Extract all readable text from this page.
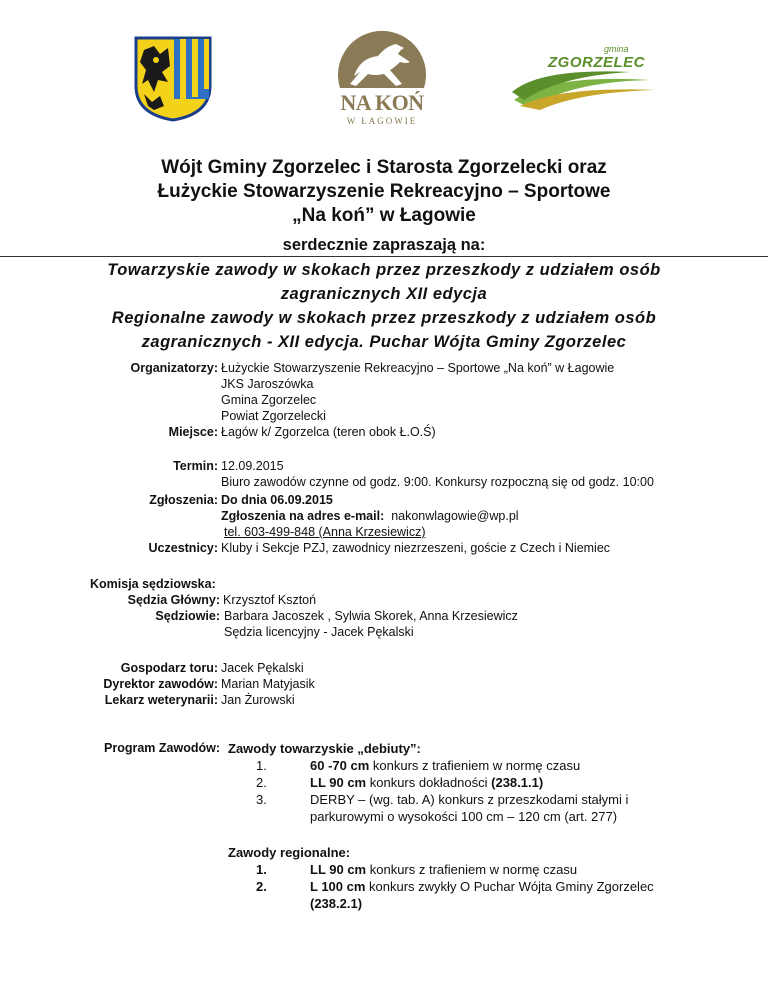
NA KOŃ
W ŁAGOWIE
gmina
ZGORZELEC
Wójt Gminy Zgorzelec i Starosta Zgorzelecki oraz
Łużyckie Stowarzyszenie Rekreacyjno – Sportowe
„Na koń” w Łagowie
serdecznie zapraszają na:
Towarzyskie zawody w skokach przez przeszkody z udziałem osób
zagranicznych XII edycja
Regionalne zawody w skokach przez przeszkody z udziałem osób
zagranicznych - XII edycja. Puchar Wójta Gminy Zgorzelec
Organizatorzy: Łużyckie Stowarzyszenie Rekreacyjno – Sportowe „Na koń” w Łagowie
JKS Jaroszówka
Gmina Zgorzelec
Powiat Zgorzelecki
Miejsce: Łagów k/ Zgorzelca (teren obok Ł.O.Ś)
Termin: 12.09.2015
Biuro zawodów czynne od godz. 9:00. Konkursy rozpoczną się od godz. 10:00
Zgłoszenia: Do dnia 06.09.2015
Zgłoszenia na adres e-mail: nakonwlagowie@wp.pl
tel. 603-499-848 (Anna Krzesiewicz)
Uczestnicy: Kluby i Sekcje PZJ, zawodnicy niezrzeszeni, goście z Czech i Niemiec
Komisja sędziowska:
Sędzia Główny: Krzysztof Ksztoń
Sędziowie: Barbara Jacoszek , Sylwia Skorek, Anna Krzesiewicz
Sędzia licencyjny - Jacek Pękalski
Gospodarz toru: Jacek Pękalski
Dyrektor zawodów: Marian Matyjasik
Lekarz weterynarii: Jan Żurowski
Program Zawodów: Zawody towarzyskie „debiuty”:
1.	60 -70 cm konkurs z trafieniem w normę czasu
2.	LL 90 cm konkurs dokładności (238.1.1)
3.	DERBY – (wg. tab. A) konkurs z przeszkodami stałymi i
parkurowymi o wysokości 100 cm – 120 cm (art. 277)
Zawody regionalne:
1.	LL 90 cm konkurs z trafieniem w normę czasu
2.	L 100 cm konkurs zwykły O Puchar Wójta Gminy Zgorzelec
(238.2.1)
